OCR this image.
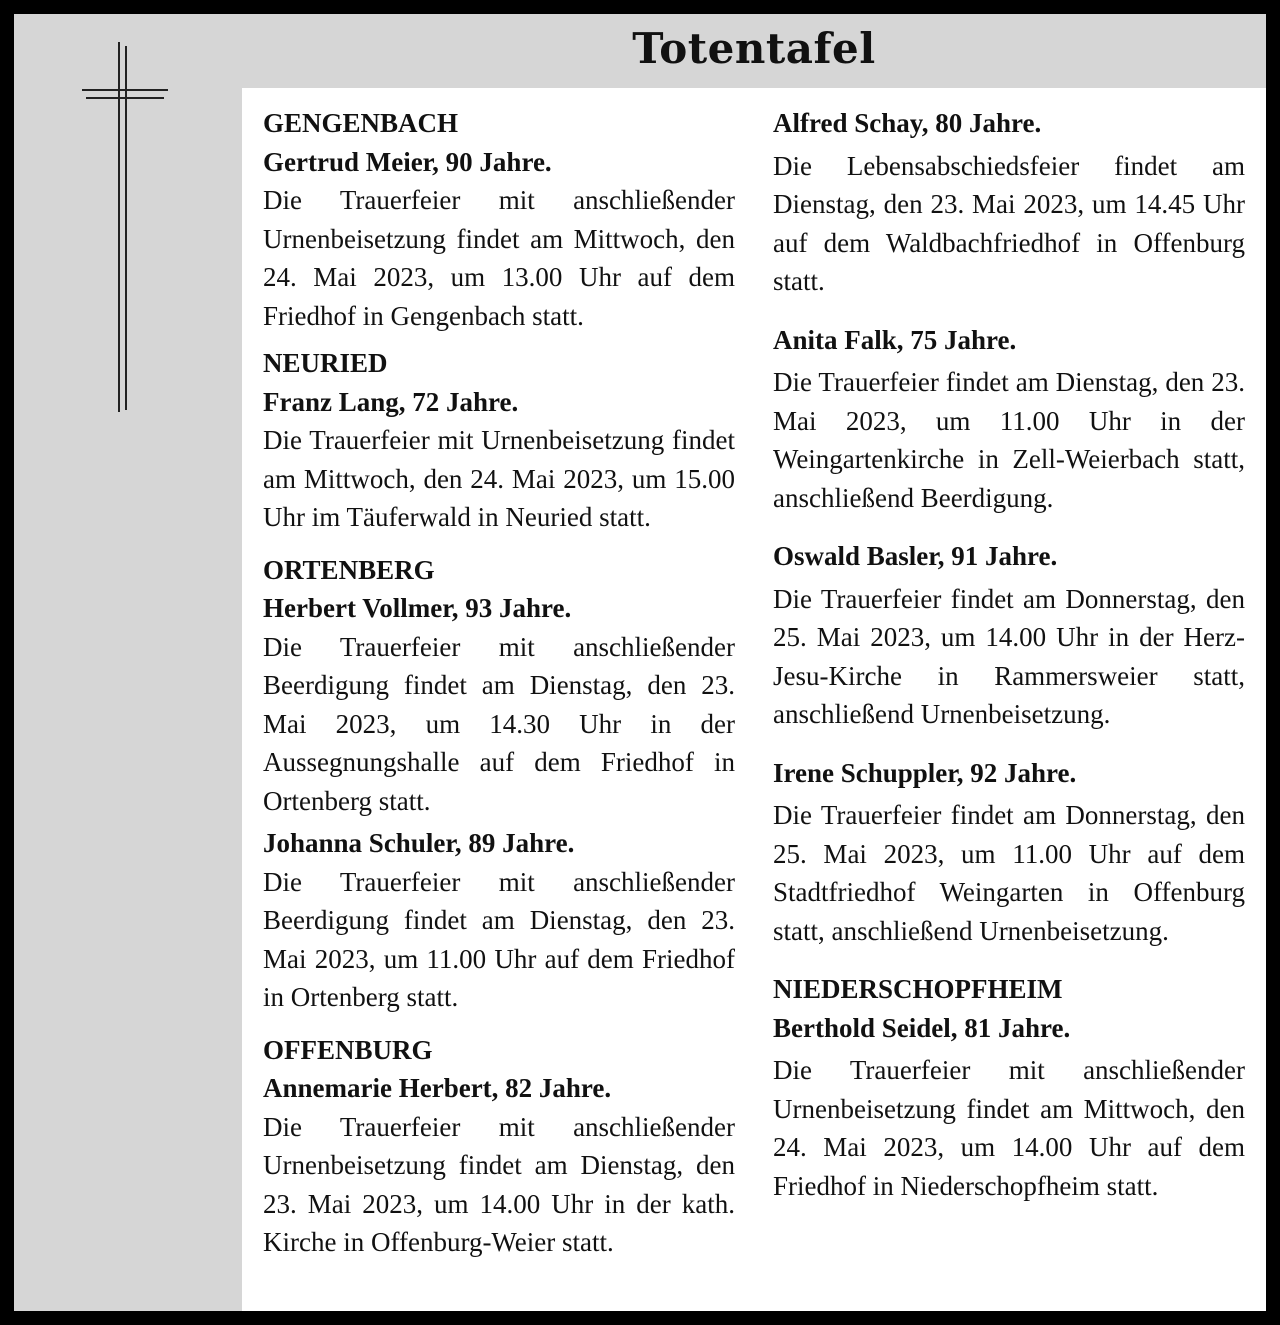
Totentafel

GENGENBACH

Gertrud Meier, 90 Jahre.

Die Trauerfeier mit anschließender Urnenbeisetzung findet am Mittwoch, den 24. Mai 2023, um 13.00 Uhr auf dem Friedhof in Gengenbach statt.

NEURIED

Franz Lang, 72 Jahre.

Die Trauerfeier mit Urnenbeisetzung findet am Mittwoch, den 24. Mai 2023, um 15.00 Uhr im Täuferwald in Neuried statt.

ORTENBERG

Herbert Vollmer, 93 Jahre.

Die Trauerfeier mit anschließender Beerdigung findet am Dienstag, den 23. Mai 2023, um 14.30 Uhr in der Aussegnungshalle auf dem Friedhof in Ortenberg statt.

Johanna Schuler, 89 Jahre.

Die Trauerfeier mit anschließender Beerdigung findet am Dienstag, den 23. Mai 2023, um 11.00 Uhr auf dem Friedhof in Ortenberg statt.

OFFENBURG

Annemarie Herbert, 82 Jahre.

Die Trauerfeier mit anschließender Urnenbeisetzung findet am Dienstag, den 23. Mai 2023, um 14.00 Uhr in der kath. Kirche in Offenburg-Weier statt.

Alfred Schay, 80 Jahre.

Die Lebensabschiedsfeier findet am Dienstag, den 23. Mai 2023, um 14.45 Uhr auf dem Waldbachfriedhof in Offenburg statt.

Anita Falk, 75 Jahre.

Die Trauerfeier findet am Dienstag, den 23. Mai 2023, um 11.00 Uhr in der Weingartenkirche in Zell-Weierbach statt, anschließend Beerdigung.

Oswald Basler, 91 Jahre.

Die Trauerfeier findet am Donnerstag, den 25. Mai 2023, um 14.00 Uhr in der Herz-Jesu-Kirche in Rammersweier statt, anschließend Urnenbeisetzung.

Irene Schuppler, 92 Jahre.

Die Trauerfeier findet am Donnerstag, den 25. Mai 2023, um 11.00 Uhr auf dem Stadtfriedhof Weingarten in Offenburg statt, anschließend Urnenbeisetzung.

NIEDERSCHOPFHEIM

Berthold Seidel, 81 Jahre.

Die Trauerfeier mit anschließender Urnenbeisetzung findet am Mittwoch, den 24. Mai 2023, um 14.00 Uhr auf dem Friedhof in Niederschopfheim statt.
